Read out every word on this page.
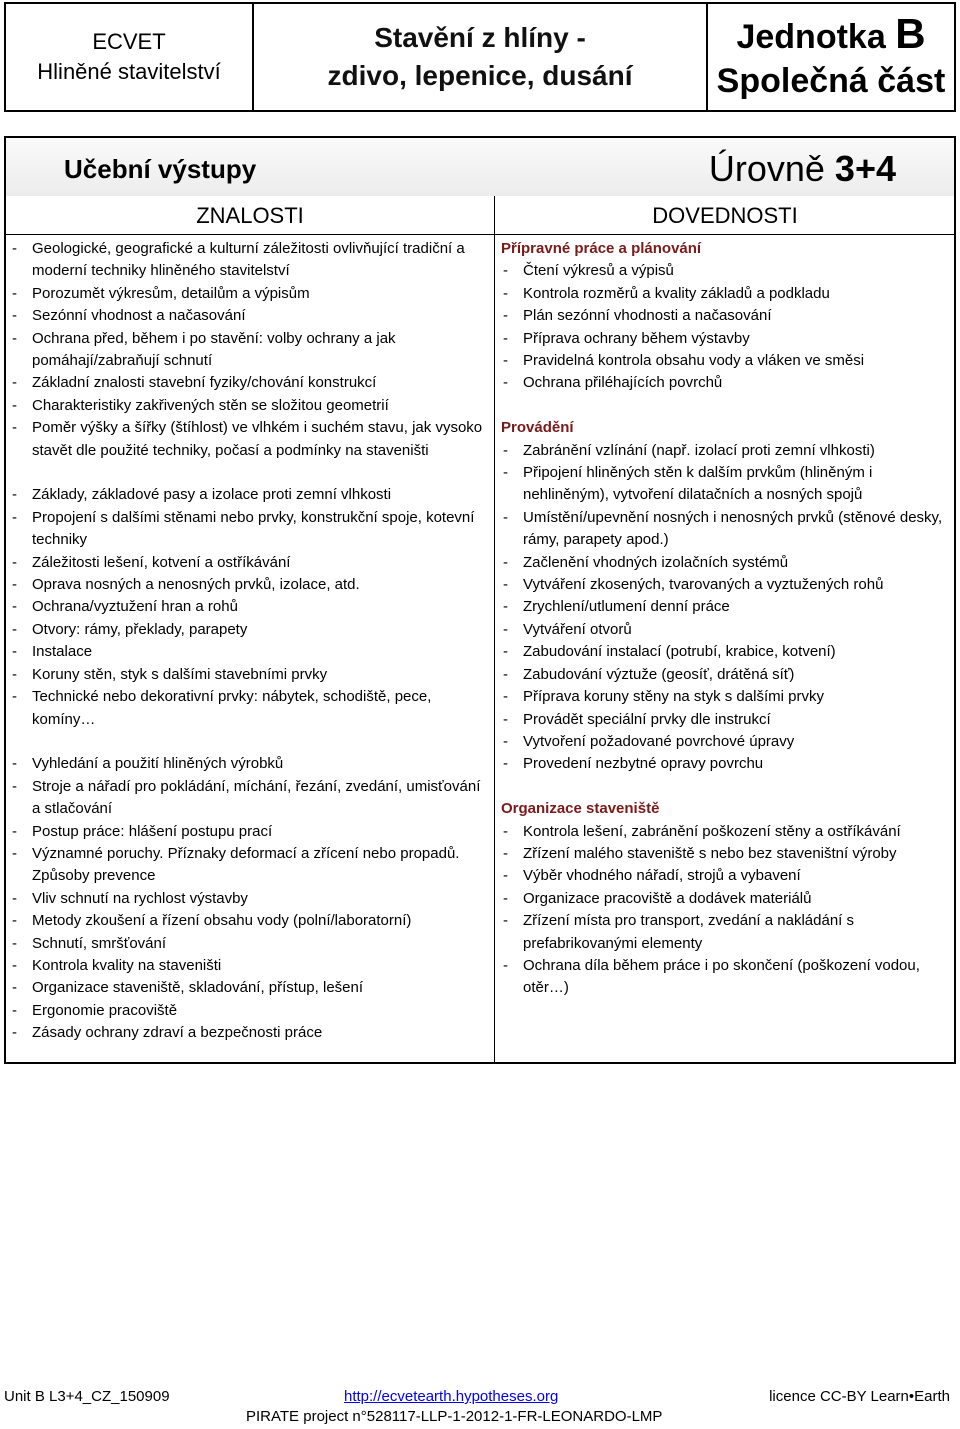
ECVET
Hliněné stavitelství
Stavění z hlíny -
zdivo, lepenice, dusání
Jednotka B
Společná část
Učební výstupy	Úrovně 3+4
ZNALOSTI	DOVEDNOSTI
- Geologické, geografické a kulturní záležitosti ovlivňující tradiční a moderní techniky hliněného stavitelství
- Porozumět výkresům, detailům a výpisům
- Sezónní vhodnost a načasování
- Ochrana před, během i po stavění: volby ochrany a jak pomáhají/zabraňují schnutí
- Základní znalosti stavební fyziky/chování konstrukcí
- Charakteristiky zakřivených stěn se složitou geometrií
- Poměr výšky a šířky (štíhlost) ve vlhkém i suchém stavu, jak vysoko stavět dle použité techniky, počasí a podmínky na staveništi
- Základy, základové pasy a izolace proti zemní vlhkosti
- Propojení s dalšími stěnami nebo prvky, konstrukční spoje, kotevní techniky
- Záležitosti lešení, kotvení a ostříkávání
- Oprava nosných a nenosných prvků, izolace, atd.
- Ochrana/vyztužení hran a rohů
- Otvory: rámy, překlady, parapety
- Instalace
- Koruny stěn, styk s dalšími stavebními prvky
- Technické nebo dekorativní prvky: nábytek, schodiště, pece, komíny…
- Vyhledání a použití hliněných výrobků
- Stroje a nářadí pro pokládání, míchání, řezání, zvedání, umisťování a stlačování
- Postup práce: hlášení postupu prací
- Významné poruchy. Příznaky deformací a zřícení nebo propadů. Způsoby prevence
- Vliv schnutí na rychlost výstavby
- Metody zkoušení a řízení obsahu vody (polní/laboratorní)
- Schnutí, smršťování
- Kontrola kvality na staveništi
- Organizace staveniště, skladování, přístup, lešení
- Ergonomie pracoviště
- Zásady ochrany zdraví a bezpečnosti práce
Přípravné práce a plánování
- Čtení výkresů a výpisů
- Kontrola rozměrů a kvality základů a podkladu
- Plán sezónní vhodnosti a načasování
- Příprava ochrany během výstavby
- Pravidelná kontrola obsahu vody a vláken ve směsi
- Ochrana přiléhajících povrchů
Provádění
- Zabránění vzlínání (např. izolací proti zemní vlhkosti)
- Připojení hliněných stěn k dalším prvkům (hliněným i nehliněným), vytvoření dilatačních a nosných spojů
- Umístění/upevnění nosných i nenosných prvků (stěnové desky, rámy, parapety apod.)
- Začlenění vhodných izolačních systémů
- Vytváření zkosených, tvarovaných a vyztužených rohů
- Zrychlení/utlumení denní práce
- Vytváření otvorů
- Zabudování instalací (potrubí, krabice, kotvení)
- Zabudování výztuže (geosíť, drátěná síť)
- Příprava koruny stěny na styk s dalšími prvky
- Provádět speciální prvky dle instrukcí
- Vytvoření požadované povrchové úpravy
- Provedení nezbytné opravy povrchu
Organizace staveniště
- Kontrola lešení, zabránění poškození stěny a ostříkávání
- Zřízení malého staveniště s nebo bez staveništní výroby
- Výběr vhodného nářadí, strojů a vybavení
- Organizace pracoviště a dodávek materiálů
- Zřízení místa pro transport, zvedání a nakládání s prefabrikovanými elementy
- Ochrana díla během práce i po skončení (poškození vodou, otěr…)
Unit B L3+4_CZ_150909	http://ecvetearth.hypotheses.org	licence CC-BY Learn•Earth
PIRATE project n°528117-LLP-1-2012-1-FR-LEONARDO-LMP
